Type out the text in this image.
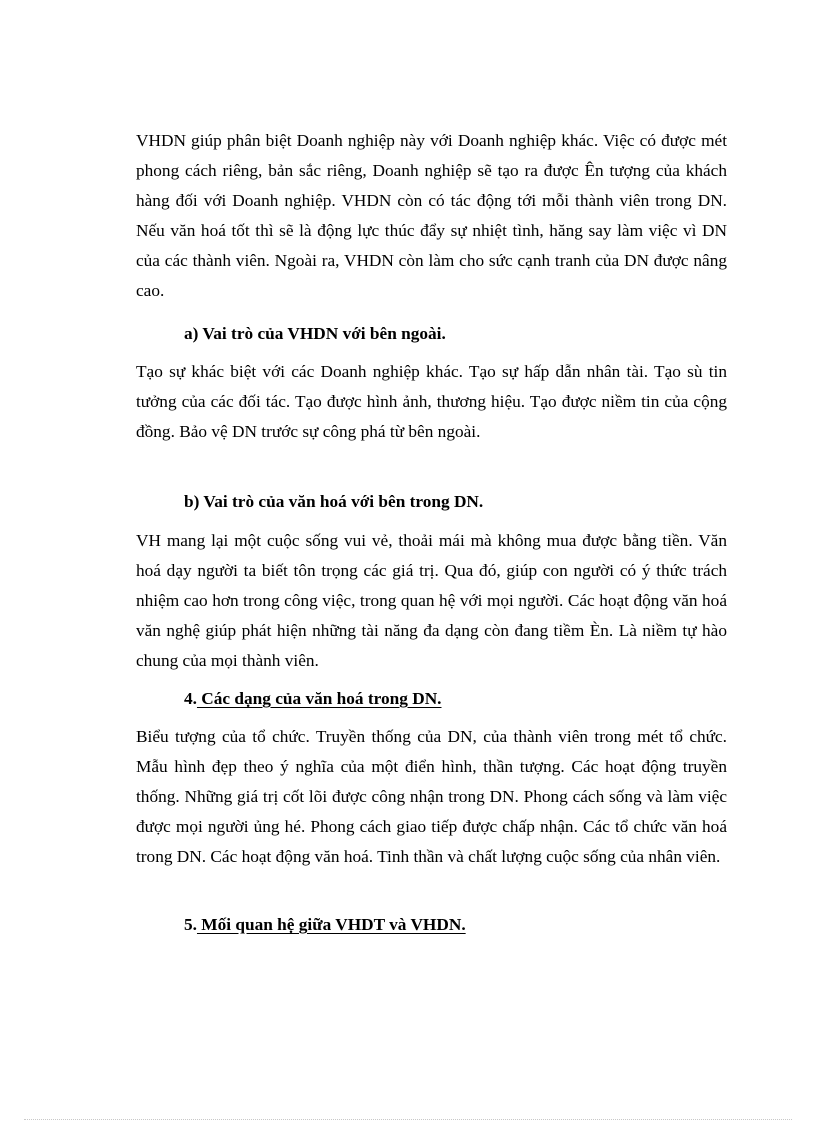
VHDN giúp phân biệt Doanh nghiệp này với Doanh nghiệp khác. Việc có được mét phong cách riêng, bản sắc riêng, Doanh nghiệp sẽ tạo ra được Ên tượng của khách hàng đối với Doanh nghiệp. VHDN còn có tác động tới mỗi thành viên trong DN. Nếu văn hoá tốt thì sẽ là động lực thúc đẩy sự nhiệt tình, hăng say làm việc vì DN của các thành viên. Ngoài ra, VHDN còn làm cho sức cạnh tranh của DN được nâng cao.

a) Vai trò của VHDN với bên ngoài.

Tạo sự khác biệt với các Doanh nghiệp khác. Tạo sự hấp dẫn nhân tài. Tạo sù tin tưởng của các đối tác. Tạo được hình ảnh, thương hiệu. Tạo được niềm tin của cộng đồng. Bảo vệ DN trước sự công phá từ bên ngoài.

b) Vai trò của văn hoá với bên trong DN.

VH mang lại một cuộc sống vui vẻ, thoải mái mà không mua được bằng tiền. Văn hoá dạy người ta biết tôn trọng các giá trị. Qua đó, giúp con người có ý thức trách nhiệm cao hơn trong công việc, trong quan hệ với mọi người. Các hoạt động văn hoá văn nghệ giúp phát hiện những tài năng đa dạng còn đang tiềm Èn. Là niềm tự hào chung của mọi thành viên.

4. Các dạng của văn hoá trong DN.

Biểu tượng của tổ chức. Truyền thống của DN, của thành viên trong mét tổ chức. Mẫu hình đẹp theo ý nghĩa của một điển hình, thần tượng. Các hoạt động truyền thống. Những giá trị cốt lõi được công nhận trong DN. Phong cách sống và làm việc được mọi người ủng hé. Phong cách giao tiếp được chấp nhận. Các tổ chức văn hoá trong DN. Các hoạt động văn hoá. Tinh thần và chất lượng cuộc sống của nhân viên.

5. Mối quan hệ giữa VHDT và VHDN.
